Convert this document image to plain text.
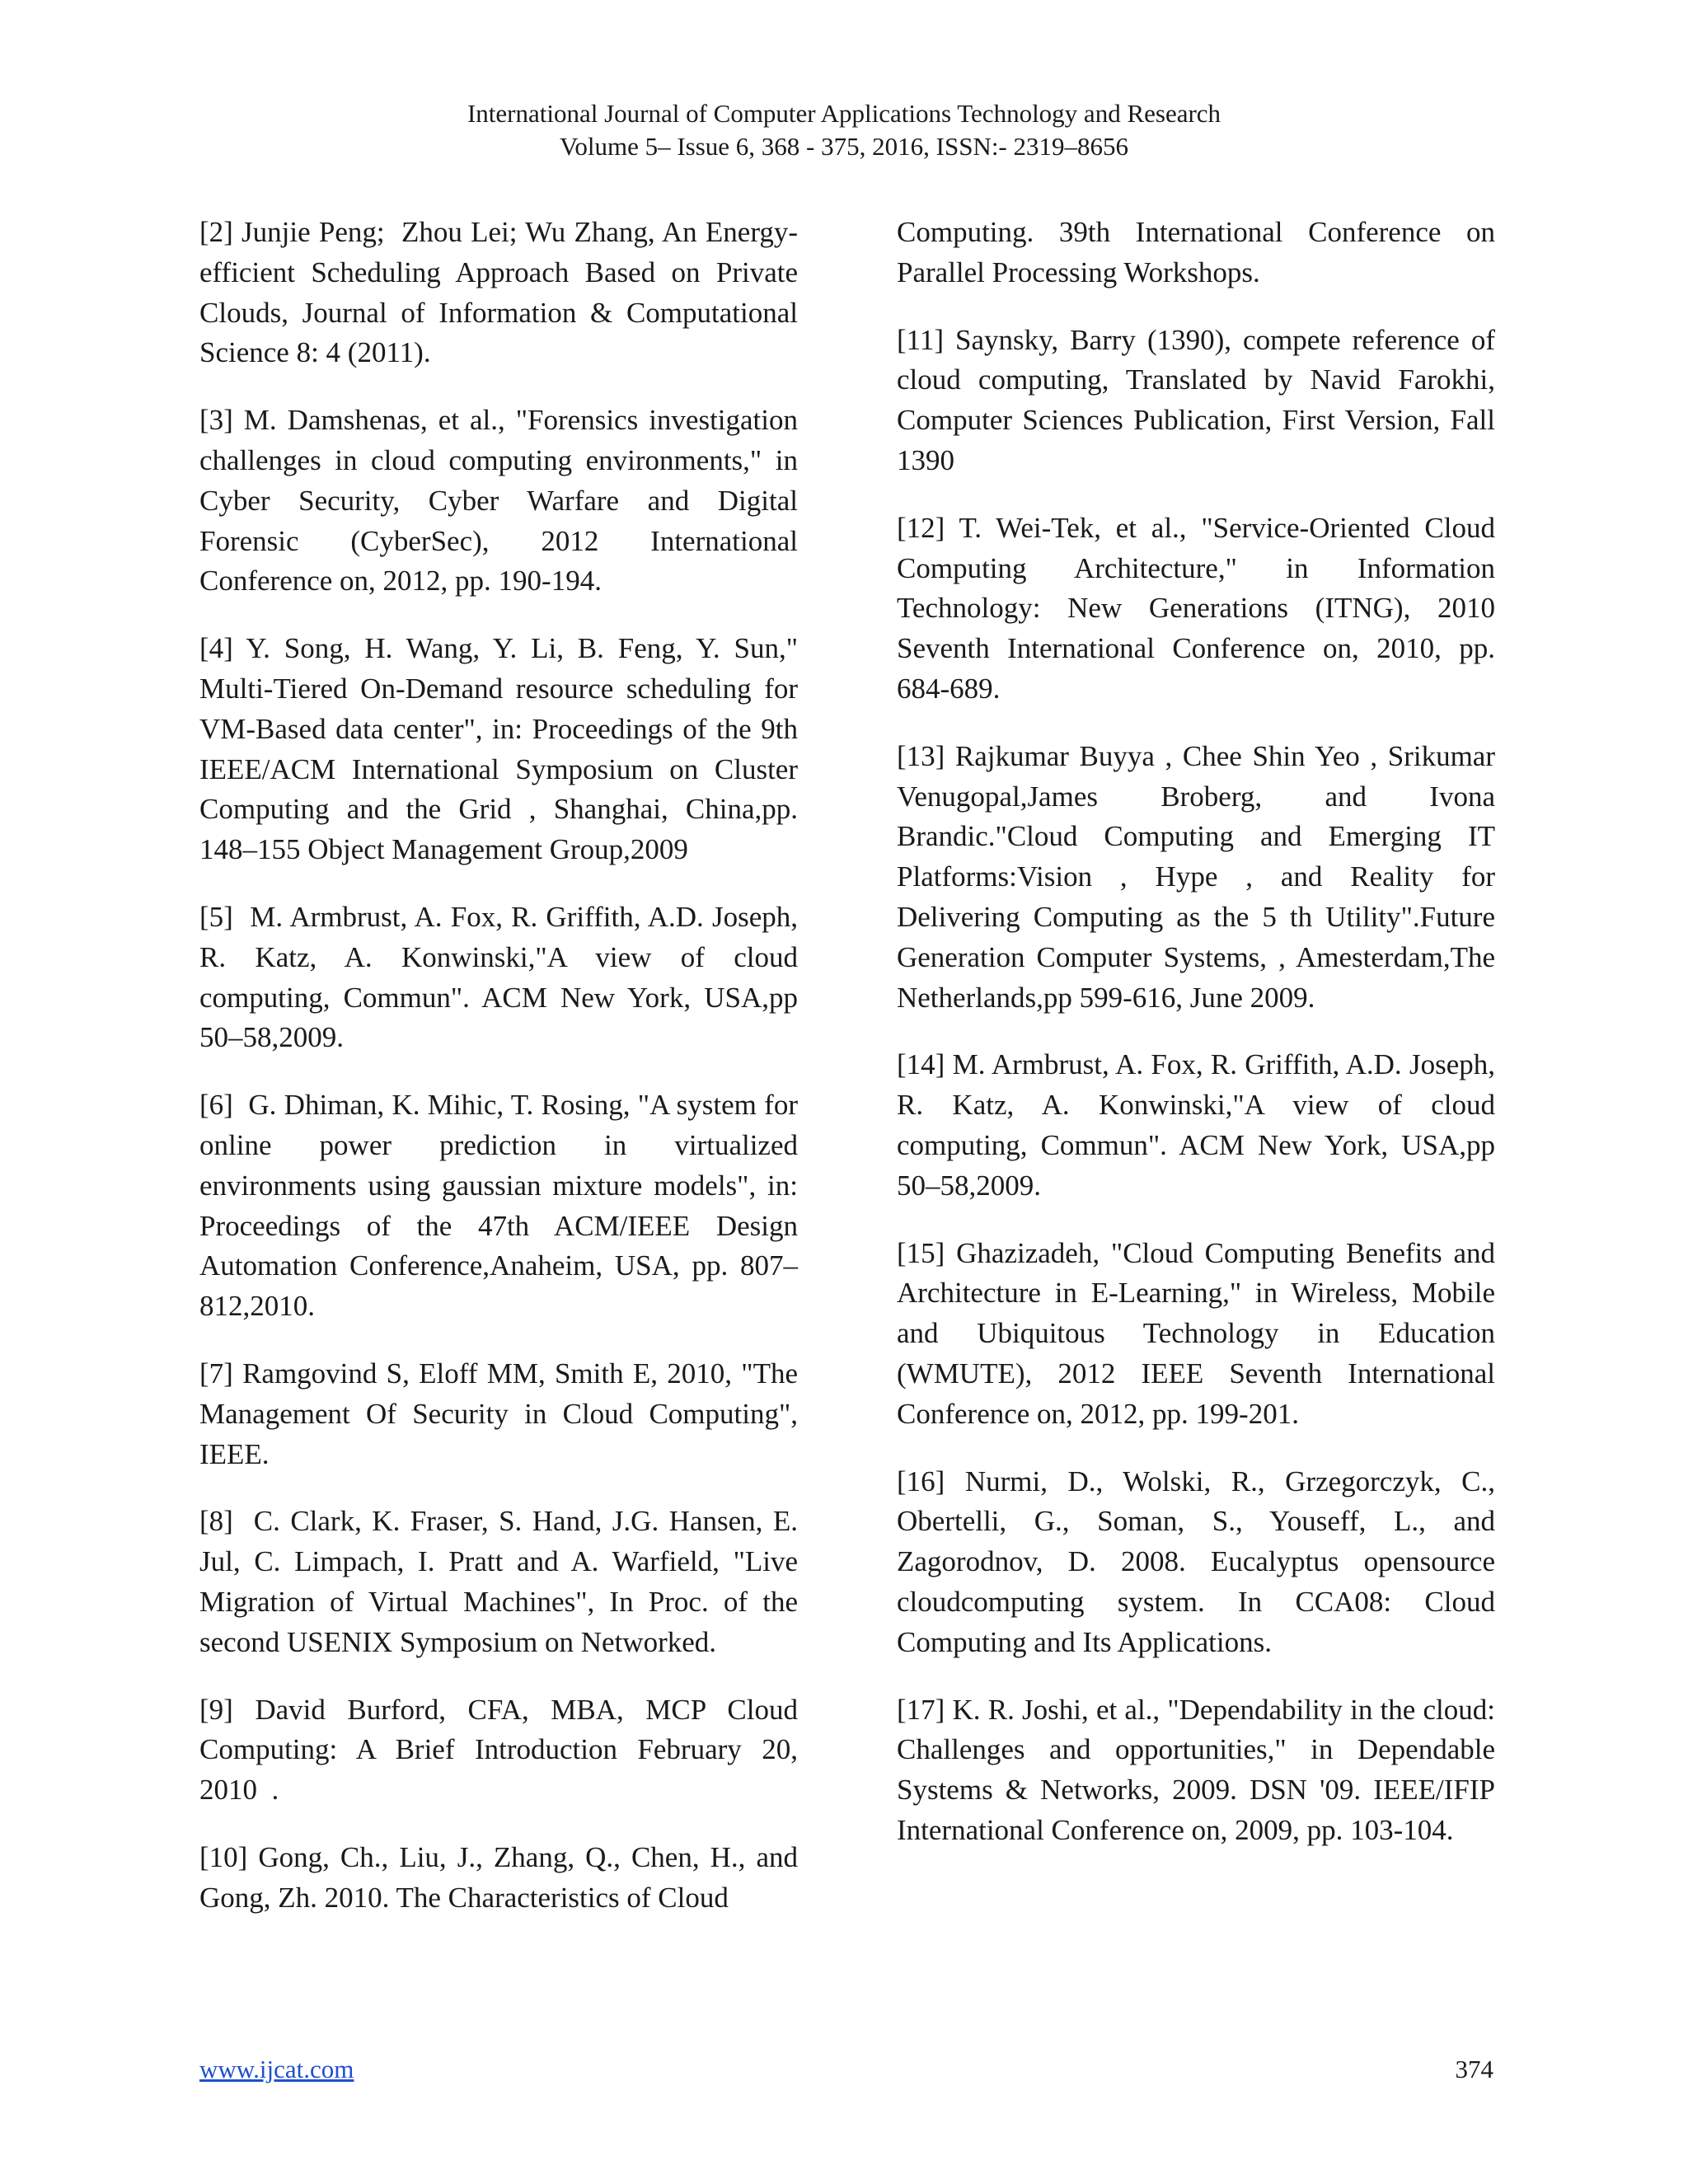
International Journal of Computer Applications Technology and Research
Volume 5– Issue 6, 368 - 375, 2016, ISSN:- 2319–8656

[2] Junjie Peng;  Zhou Lei; Wu Zhang, An Energy-efficient Scheduling Approach Based on Private Clouds, Journal of Information & Computational Science 8: 4 (2011).

[3] M. Damshenas, et al., "Forensics investigation challenges in cloud computing environments," in Cyber Security, Cyber Warfare and Digital Forensic (CyberSec), 2012 International Conference on, 2012, pp. 190-194.

[4] Y. Song, H. Wang, Y. Li, B. Feng, Y. Sun," Multi-Tiered On-Demand resource scheduling for VM-Based data center", in: Proceedings of the 9th IEEE/ACM International Symposium on Cluster Computing and the Grid , Shanghai, China,pp. 148–155 Object Management Group,2009

[5]  M. Armbrust, A. Fox, R. Griffith, A.D. Joseph, R. Katz, A. Konwinski,"A view of cloud computing, Commun". ACM New York, USA,pp 50–58,2009.

[6]  G. Dhiman, K. Mihic, T. Rosing, "A system for online power prediction in virtualized environments using gaussian mixture models", in: Proceedings of the 47th ACM/IEEE Design Automation Conference,Anaheim, USA, pp. 807–812,2010.

[7] Ramgovind S, Eloff MM, Smith E, 2010, "The Management Of Security in Cloud Computing", IEEE.

[8]  C. Clark, K. Fraser, S. Hand, J.G. Hansen, E. Jul, C. Limpach, I. Pratt and A. Warfield, "Live Migration of Virtual Machines", In Proc. of the second USENIX Symposium on Networked.

[9] David Burford, CFA, MBA, MCP Cloud Computing: A Brief Introduction February 20, 2010  .

[10] Gong, Ch., Liu, J., Zhang, Q., Chen, H., and Gong, Zh. 2010. The Characteristics of Cloud

Computing. 39th International Conference on Parallel Processing Workshops.

[11] Saynsky, Barry (1390), compete reference of cloud computing, Translated by Navid Farokhi, Computer Sciences Publication, First Version, Fall 1390

[12] T. Wei-Tek, et al., "Service-Oriented Cloud Computing Architecture," in Information Technology: New Generations (ITNG), 2010 Seventh International Conference on, 2010, pp. 684-689.

[13] Rajkumar Buyya , Chee Shin Yeo , Srikumar Venugopal,James Broberg, and Ivona Brandic."Cloud Computing and Emerging IT Platforms:Vision , Hype , and Reality for Delivering Computing as the 5 th Utility".Future Generation Computer Systems, , Amesterdam,The Netherlands,pp 599-616, June 2009.

[14] M. Armbrust, A. Fox, R. Griffith, A.D. Joseph, R. Katz, A. Konwinski,"A view of cloud computing, Commun". ACM New York, USA,pp 50–58,2009.

[15] Ghazizadeh, "Cloud Computing Benefits and Architecture in E-Learning," in Wireless, Mobile and Ubiquitous Technology in Education (WMUTE), 2012 IEEE Seventh International Conference on, 2012, pp. 199-201.

[16] Nurmi, D., Wolski, R., Grzegorczyk, C., Obertelli, G., Soman, S., Youseff, L., and Zagorodnov, D. 2008. Eucalyptus opensource cloudcomputing system. In CCA08: Cloud Computing and Its Applications.

[17] K. R. Joshi, et al., "Dependability in the cloud: Challenges and opportunities," in Dependable Systems & Networks, 2009. DSN '09. IEEE/IFIP International Conference on, 2009, pp. 103-104.

www.ijcat.com	374
